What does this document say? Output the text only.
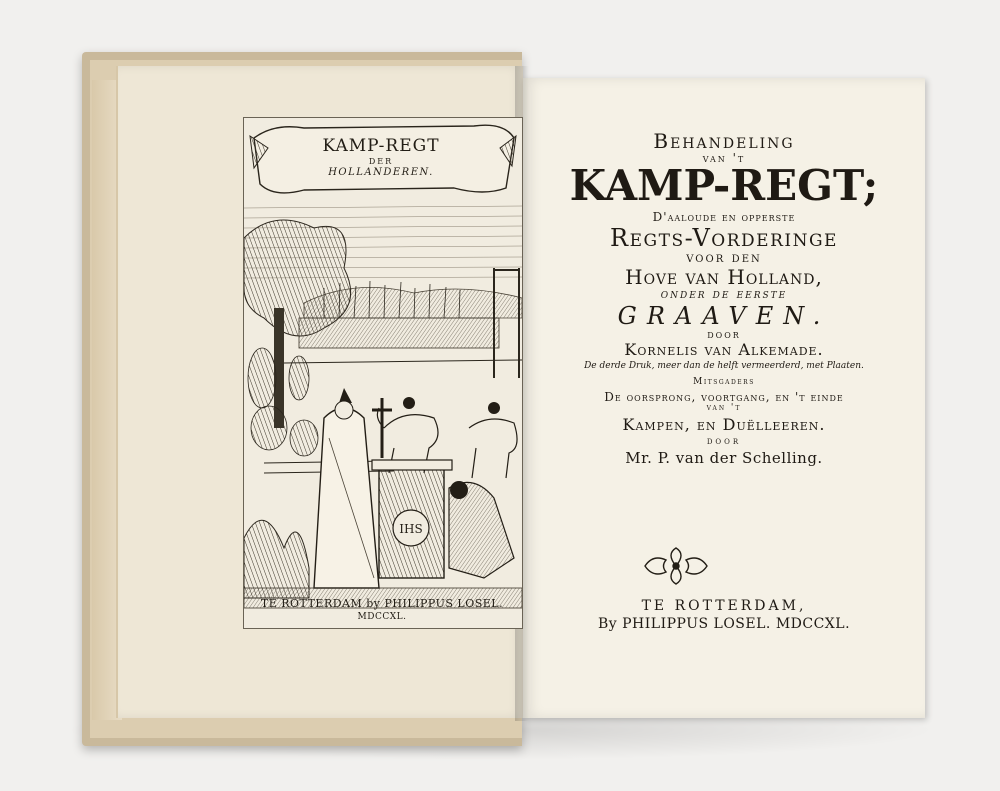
IHS
KAMP-REGT
DER
HOLLANDEREN.
TE ROTTERDAM by PHILIPPUS LOSEL.
MDCCXL.
Behandeling
van 't
KAMP-REGT;
D'aaloude en opperste
Regts-Vorderinge
voor den
Hove van Holland,
onder de eerste
GRAAVEN.
door
Kornelis van Alkemade.
De derde Druk, meer dan de helft vermeerderd, met Plaaten.
Mitsgaders
De oorsprong, voortgang, en 't einde
van 't
Kampen, en Duëlleeren.
door
Mr. P. van der Schelling.
TE ROTTERDAM,
By PHILIPPUS LOSEL. MDCCXL.
